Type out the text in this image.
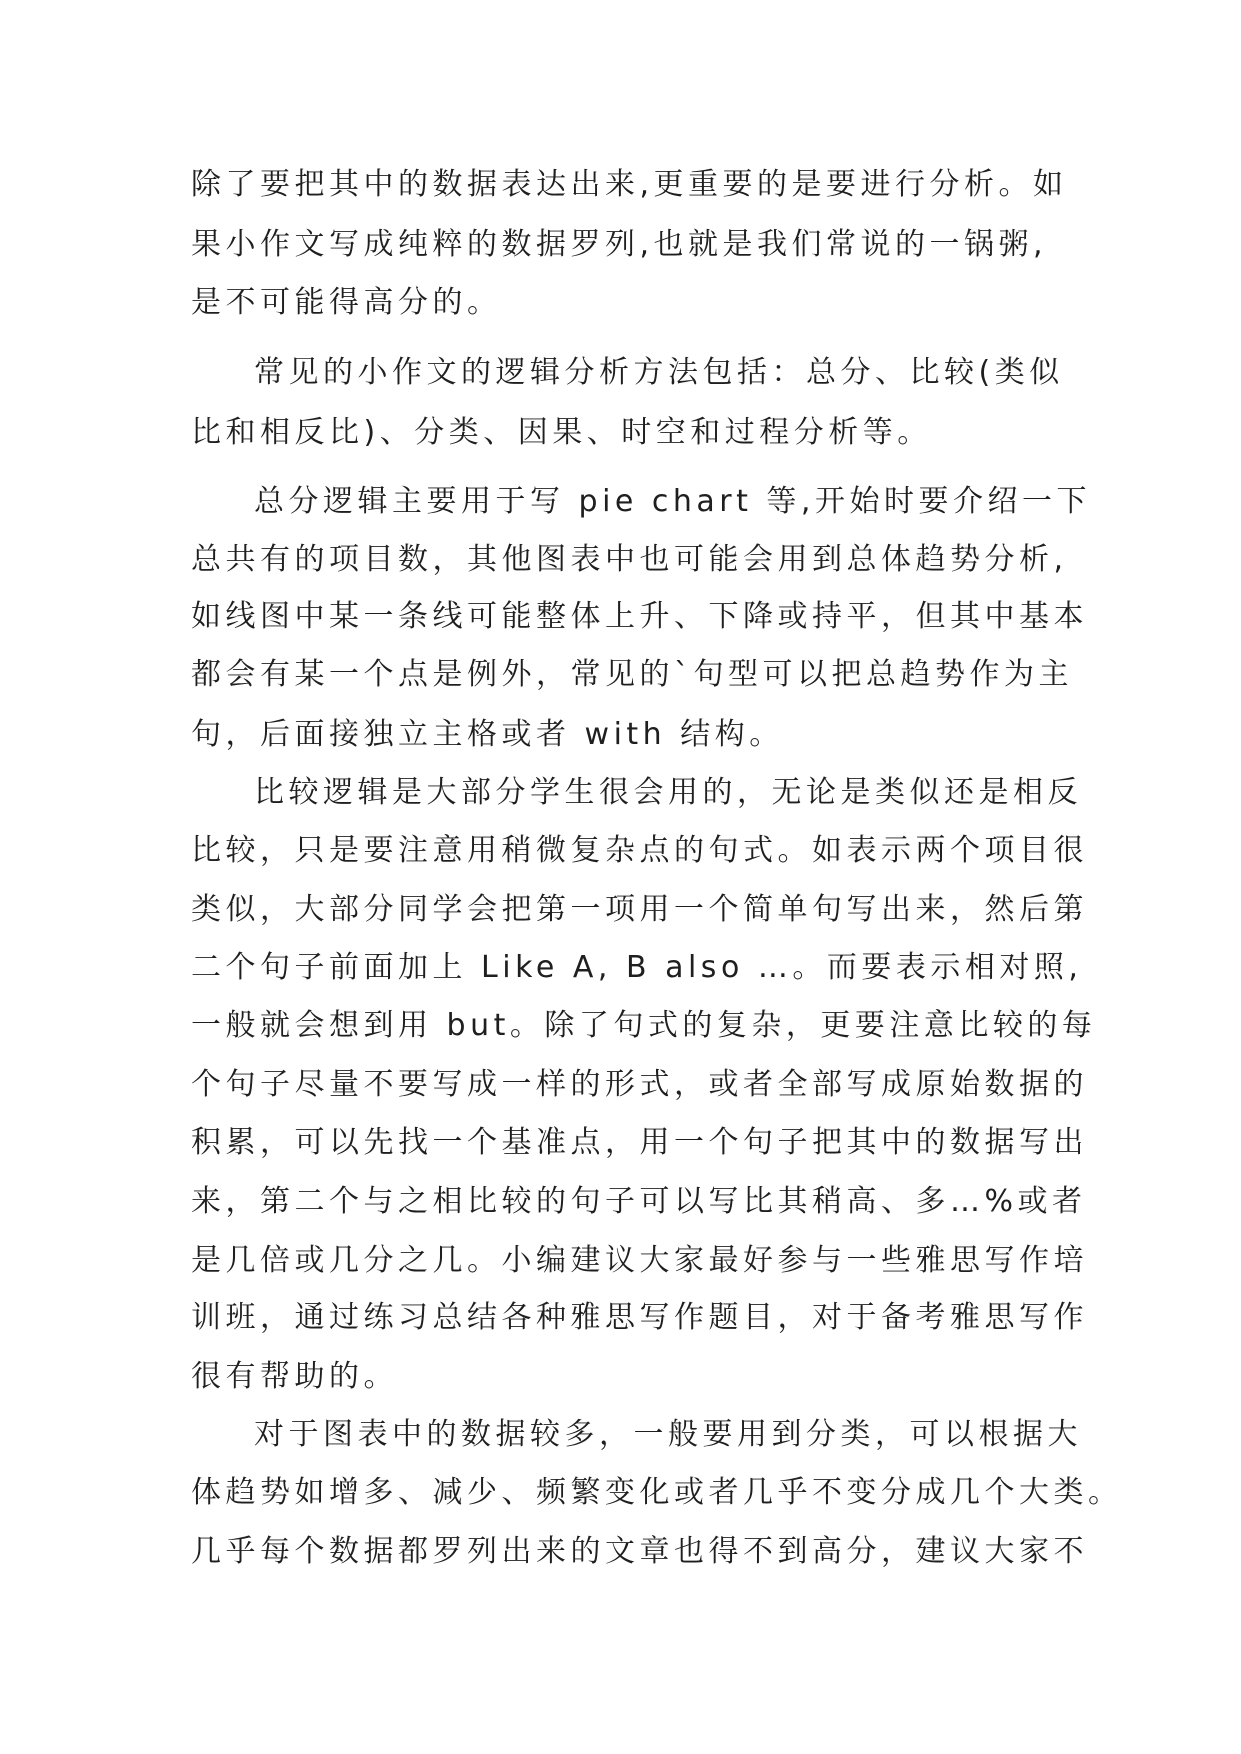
除了要把其中的数据表达出来,更重要的是要进行分析。如
果小作文写成纯粹的数据罗列,也就是我们常说的一锅粥,
是不可能得高分的。
常见的小作文的逻辑分析方法包括：总分、比较(类似
比和相反比)、分类、因果、时空和过程分析等。
总分逻辑主要用于写 pie chart 等,开始时要介绍一下
总共有的项目数，其他图表中也可能会用到总体趋势分析,
如线图中某一条线可能整体上升、下降或持平，但其中基本
都会有某一个点是例外，常见的`句型可以把总趋势作为主
句，后面接独立主格或者 with 结构。
比较逻辑是大部分学生很会用的，无论是类似还是相反
比较，只是要注意用稍微复杂点的句式。如表示两个项目很
类似，大部分同学会把第一项用一个简单句写出来，然后第
二个句子前面加上 Like A, B also …。而要表示相对照,
一般就会想到用 but。除了句式的复杂，更要注意比较的每
个句子尽量不要写成一样的形式，或者全部写成原始数据的
积累，可以先找一个基准点，用一个句子把其中的数据写出
来，第二个与之相比较的句子可以写比其稍高、多…%或者
是几倍或几分之几。小编建议大家最好参与一些雅思写作培
训班，通过练习总结各种雅思写作题目，对于备考雅思写作
很有帮助的。
对于图表中的数据较多，一般要用到分类，可以根据大
体趋势如增多、减少、频繁变化或者几乎不变分成几个大类。
几乎每个数据都罗列出来的文章也得不到高分，建议大家不
